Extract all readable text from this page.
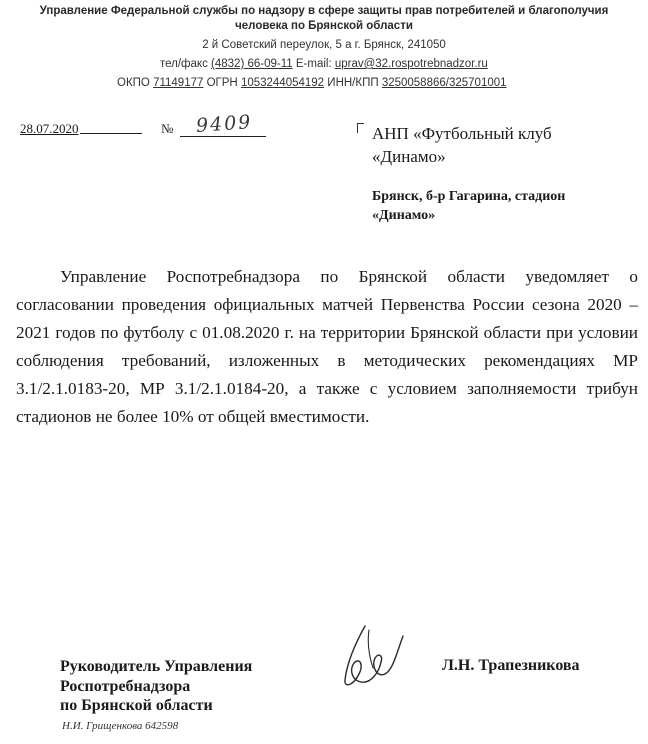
Управление Федеральной службы по надзору в сфере защиты прав потребителей и благополучия
человека по Брянской области
2 й Советский переулок, 5 а г. Брянск, 241050
тел/факс (4832) 66-09-11 E-mail: uprav@32.rospotrebnadzor.ru
ОКПО 71149177 ОГРН 1053244054192 ИНН/КПП 3250058866/325701001
28.07.2020	№ 9409	АНП «Футбольный клуб
«Динамо»
Брянск, б-р Гагарина, стадион
«Динамо»
Управление Роспотребнадзора по Брянской области уведомляет о согласовании проведения официальных матчей Первенства России сезона 2020 – 2021 годов по футболу с 01.08.2020 г. на территории Брянской области при условии соблюдения требований, изложенных в методических рекомендациях МР 3.1/2.1.0183-20, МР 3.1/2.1.0184-20, а также с условием заполняемости трибун стадионов не более 10% от общей вместимости.
Руководитель Управления
Роспотребнадзора
по Брянской области
Л.Н. Трапезникова
Н.И. Грищенкова 642598
